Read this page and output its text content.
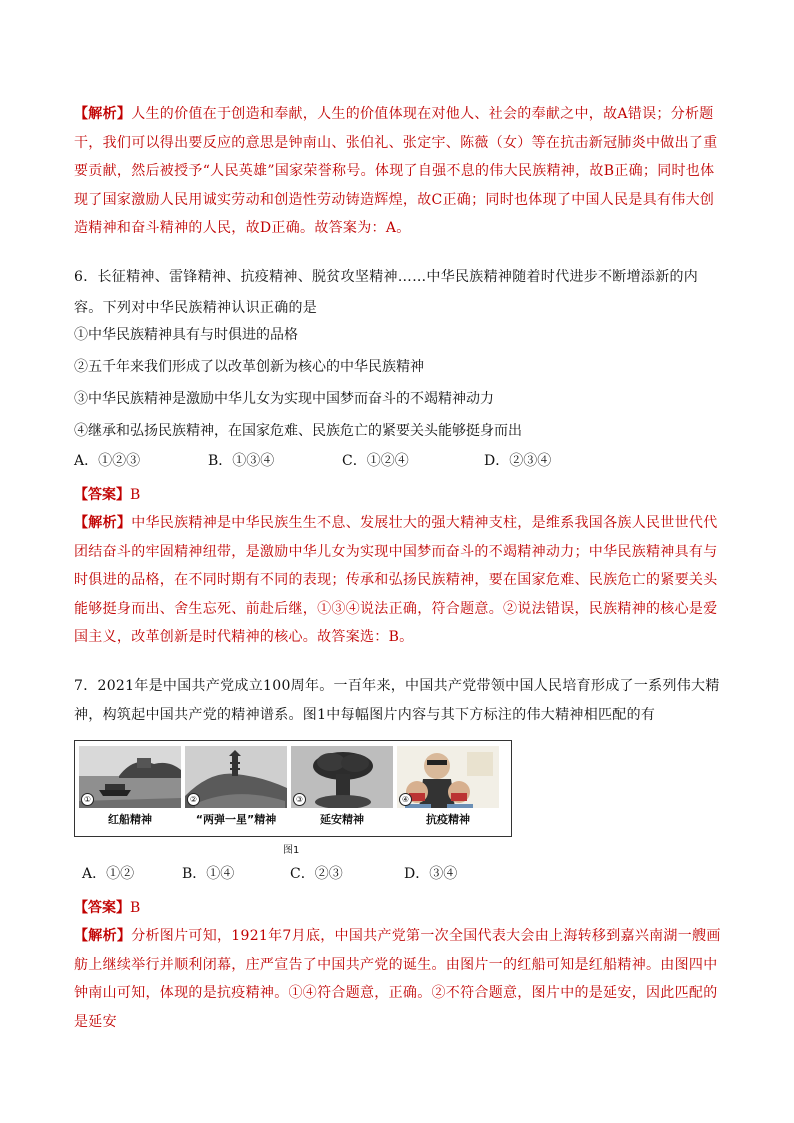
【解析】人生的价值在于创造和奉献，人生的价值体现在对他人、社会的奉献之中，故A错误；分析题干，我们可以得出要反应的意思是钟南山、张伯礼、张定宇、陈薇（女）等在抗击新冠肺炎中做出了重要贡献，然后被授予“人民英雄”国家荣誉称号。体现了自强不息的伟大民族精神，故B正确；同时也体现了国家激励人民用诚实劳动和创造性劳动铸造辉煌，故C正确；同时也体现了中国人民是具有伟大创造精神和奋斗精神的人民，故D正确。故答案为：A。
6．长征精神、雷锋精神、抗疫精神、脱贫攻坚精神……中华民族精神随着时代进步不断增添新的内容。下列对中华民族精神认识正确的是
①中华民族精神具有与时俱进的品格
②五千年来我们形成了以改革创新为核心的中华民族精神
③中华民族精神是激励中华儿女为实现中国梦而奋斗的不竭精神动力
④继承和弘扬民族精神，在国家危难、民族危亡的紧要关头能够挺身而出
A．①②③	B．①③④	C．①②④	D．②③④
【答案】B
【解析】中华民族精神是中华民族生生不息、发展壮大的强大精神支柱，是维系我国各族人民世世代代团结奋斗的牢固精神纽带，是激励中华儿女为实现中国梦而奋斗的不竭精神动力；中华民族精神具有与时俱进的品格，在不同时期有不同的表现；传承和弘扬民族精神，要在国家危难、民族危亡的紧要关头能够挺身而出、舍生忘死、前赴后继，①③④说法正确，符合题意。②说法错误，民族精神的核心是爱国主义，改革创新是时代精神的核心。故答案选：B。
7．2021年是中国共产党成立100周年。一百年来，中国共产党带领中国人民培育形成了一系列伟大精神，构筑起中国共产党的精神谱系。图1中每幅图片内容与其下方标注的伟大精神相匹配的有
①
红船精神
②
“两弹一星”精神
③
延安精神
④
抗疫精神
图1
A．①②	B．①④	C．②③	D．③④
【答案】B
【解析】分析图片可知，1921年7月底，中国共产党第一次全国代表大会由上海转移到嘉兴南湖一艘画舫上继续举行并顺利闭幕，庄严宣告了中国共产党的诞生。由图片一的红船可知是红船精神。由图四中钟南山可知，体现的是抗疫精神。①④符合题意，正确。②不符合题意，图片中的是延安，因此匹配的是延安
